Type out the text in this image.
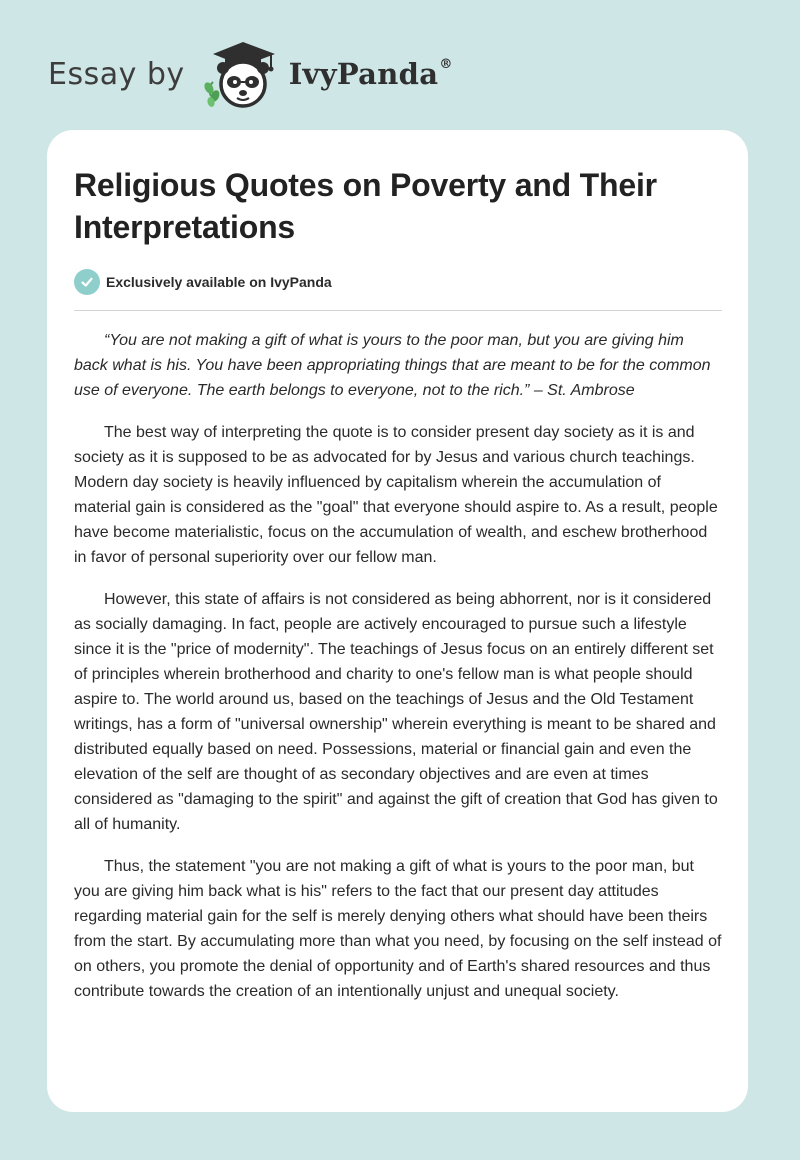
Essay by	IvyPanda®
Religious Quotes on Poverty and Their Interpretations
Exclusively available on IvyPanda

“You are not making a gift of what is yours to the poor man, but you are giving him back what is his. You have been appropriating things that are meant to be for the common use of everyone. The earth belongs to everyone, not to the rich.” – St. Ambrose

The best way of interpreting the quote is to consider present day society as it is and society as it is supposed to be as advocated for by Jesus and various church teachings. Modern day society is heavily influenced by capitalism wherein the accumulation of material gain is considered as the "goal" that everyone should aspire to. As a result, people have become materialistic, focus on the accumulation of wealth, and eschew brotherhood in favor of personal superiority over our fellow man.

However, this state of affairs is not considered as being abhorrent, nor is it considered as socially damaging. In fact, people are actively encouraged to pursue such a lifestyle since it is the "price of modernity". The teachings of Jesus focus on an entirely different set of principles wherein brotherhood and charity to one's fellow man is what people should aspire to. The world around us, based on the teachings of Jesus and the Old Testament writings, has a form of "universal ownership" wherein everything is meant to be shared and distributed equally based on need. Possessions, material or financial gain and even the elevation of the self are thought of as secondary objectives and are even at times considered as "damaging to the spirit" and against the gift of creation that God has given to all of humanity.

Thus, the statement "you are not making a gift of what is yours to the poor man, but you are giving him back what is his" refers to the fact that our present day attitudes regarding material gain for the self is merely denying others what should have been theirs from the start. By accumulating more than what you need, by focusing on the self instead of on others, you promote the denial of opportunity and of Earth's shared resources and thus contribute towards the creation of an intentionally unjust and unequal society.
